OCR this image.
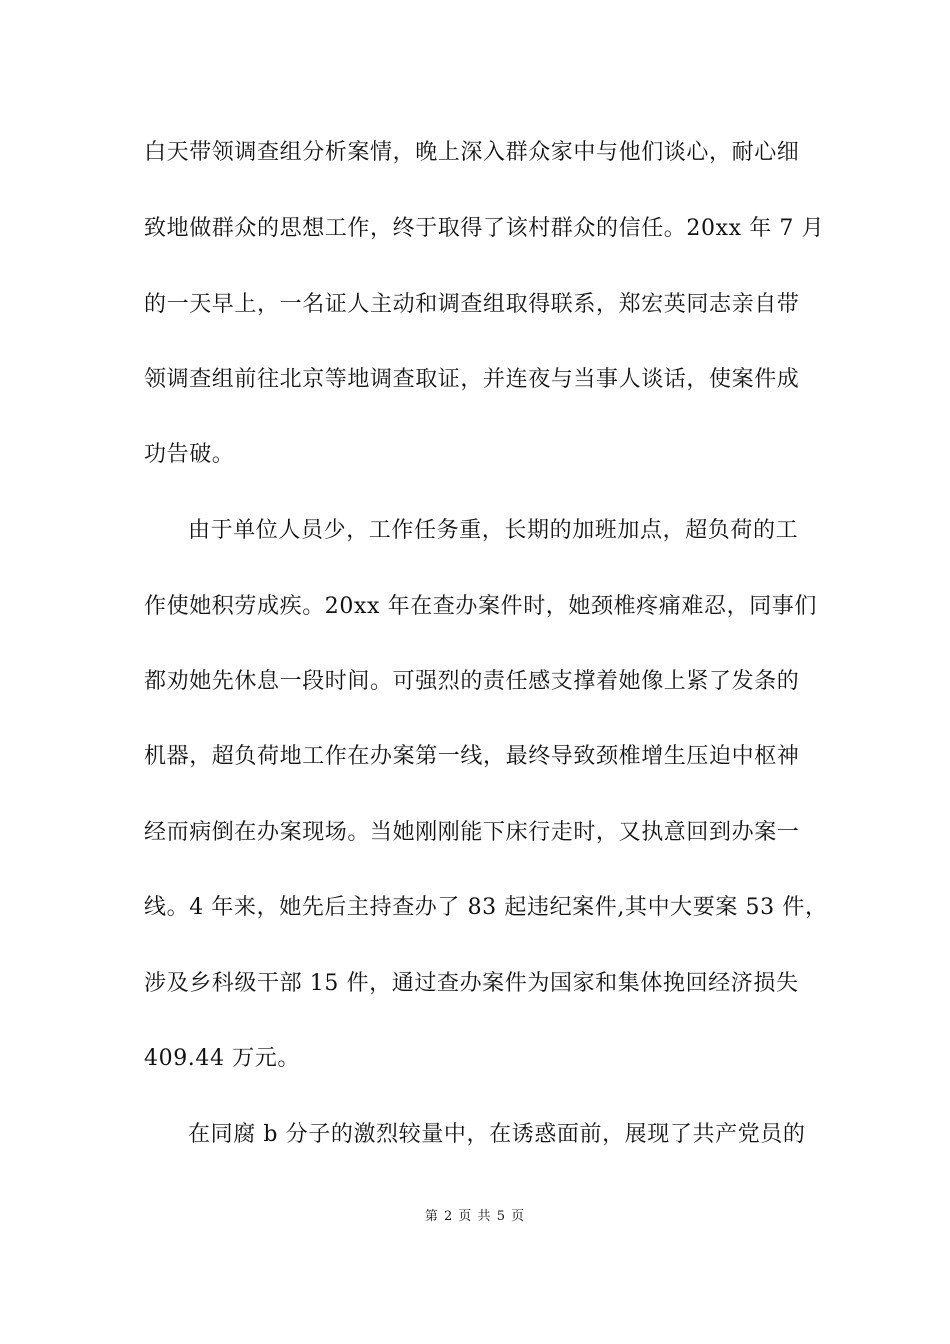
白天带领调查组分析案情，晚上深入群众家中与他们谈心，耐心细
致地做群众的思想工作，终于取得了该村群众的信任。20xx 年 7 月
的一天早上，一名证人主动和调查组取得联系，郑宏英同志亲自带
领调查组前往北京等地调查取证，并连夜与当事人谈话，使案件成
功告破。
由于单位人员少，工作任务重，长期的加班加点，超负荷的工
作使她积劳成疾。20xx 年在查办案件时，她颈椎疼痛难忍，同事们
都劝她先休息一段时间。可强烈的责任感支撑着她像上紧了发条的
机器，超负荷地工作在办案第一线，最终导致颈椎增生压迫中枢神
经而病倒在办案现场。当她刚刚能下床行走时，又执意回到办案一
线。4 年来，她先后主持查办了 83 起违纪案件,其中大要案 53 件，
涉及乡科级干部 15 件，通过查办案件为国家和集体挽回经济损失
409.44 万元。
在同腐 b 分子的激烈较量中，在诱惑面前，展现了共产党员的
第 2 页 共 5 页
